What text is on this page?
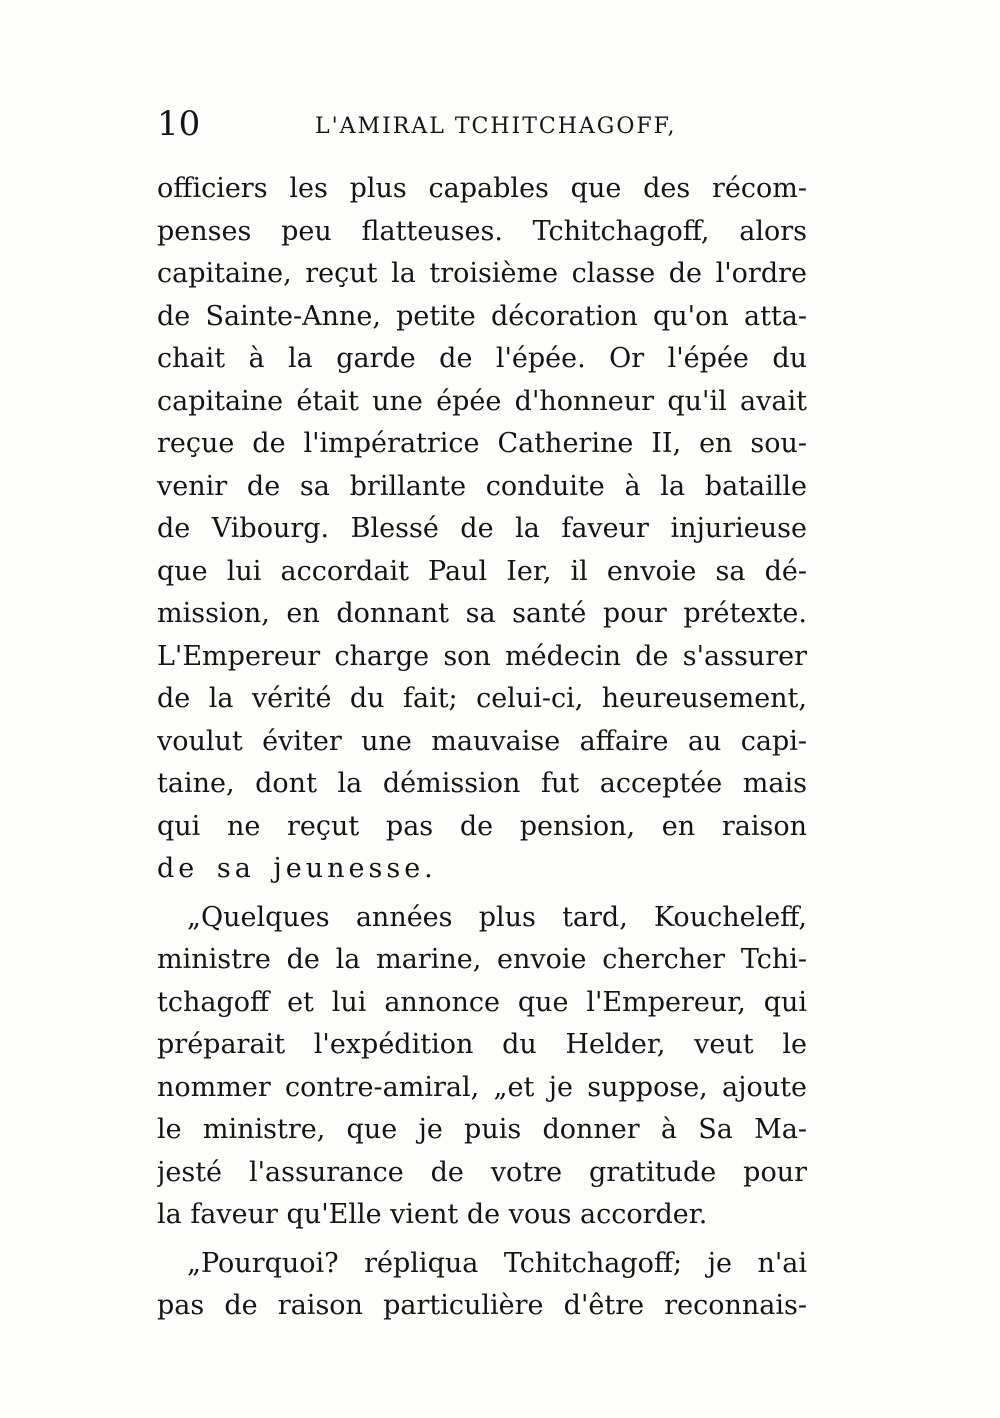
10	L'AMIRAL TCHITCHAGOFF,
officiers les plus capables que des récom-
penses peu flatteuses. Tchitchagoff, alors
capitaine, reçut la troisième classe de l'ordre
de Sainte-Anne, petite décoration qu'on atta-
chait à la garde de l'épée. Or l'épée du
capitaine était une épée d'honneur qu'il avait
reçue de l'impératrice Catherine II, en sou-
venir de sa brillante conduite à la bataille
de Vibourg. Blessé de la faveur injurieuse
que lui accordait Paul Ier, il envoie sa dé-
mission, en donnant sa santé pour prétexte.
L'Empereur charge son médecin de s'assurer
de la vérité du fait; celui-ci, heureusement,
voulut éviter une mauvaise affaire au capi-
taine, dont la démission fut acceptée mais
qui ne reçut pas de pension, en raison
de sa jeunesse.
„Quelques années plus tard, Koucheleff,
ministre de la marine, envoie chercher Tchi-
tchagoff et lui annonce que l'Empereur, qui
préparait l'expédition du Helder, veut le
nommer contre-amiral, „et je suppose, ajoute
le ministre, que je puis donner à Sa Ma-
jesté l'assurance de votre gratitude pour
la faveur qu'Elle vient de vous accorder.
„Pourquoi? répliqua Tchitchagoff; je n'ai
pas de raison particulière d'être reconnais-
